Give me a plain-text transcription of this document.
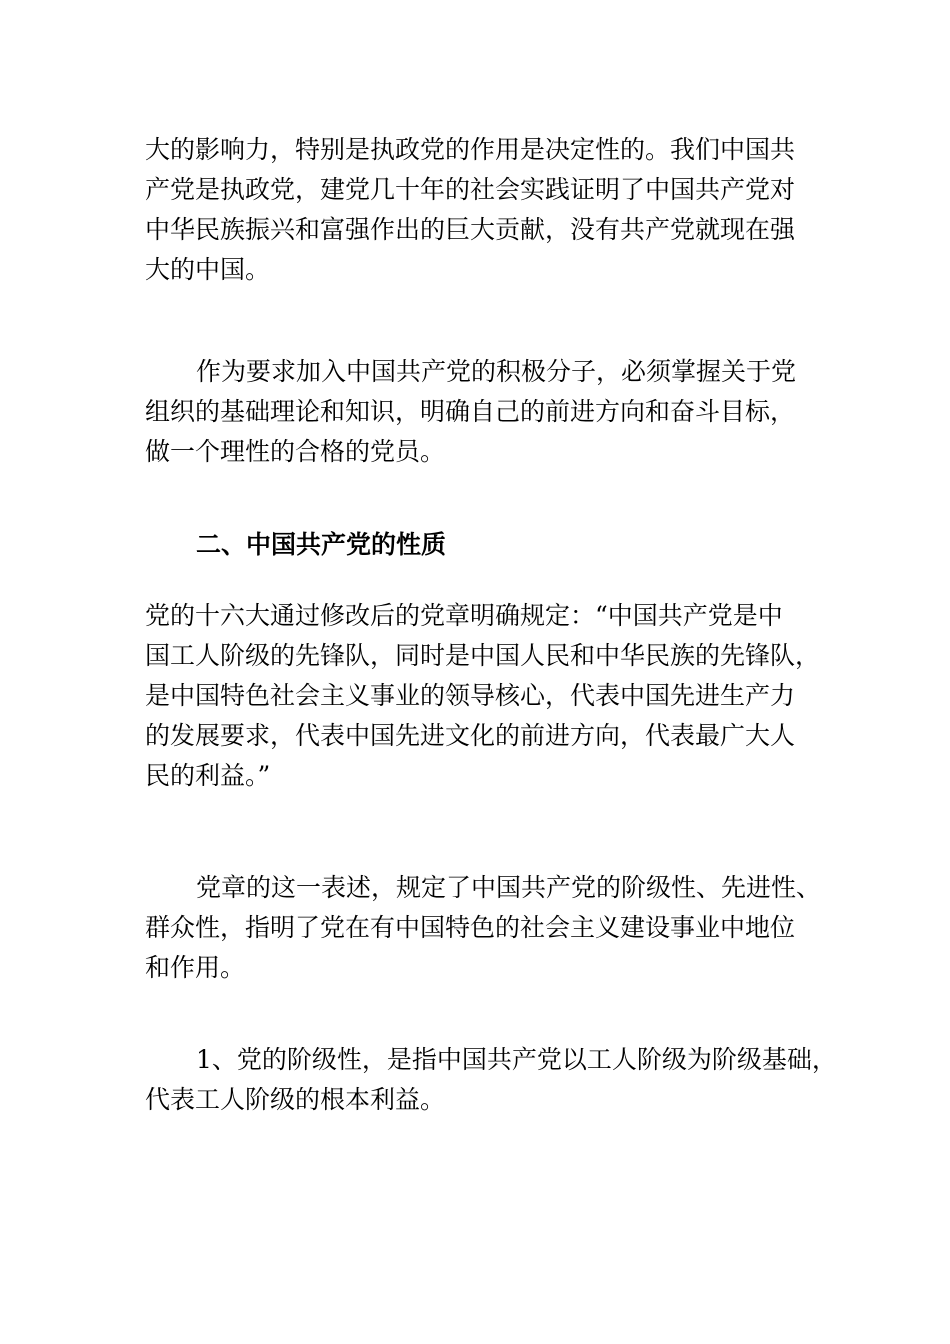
大的影响力，特别是执政党的作用是决定性的。我们中国共
产党是执政党，建党几十年的社会实践证明了中国共产党对
中华民族振兴和富强作出的巨大贡献，没有共产党就现在强
大的中国。
作为要求加入中国共产党的积极分子，必须掌握关于党
组织的基础理论和知识，明确自己的前进方向和奋斗目标，
做一个理性的合格的党员。
二、中国共产党的性质
党的十六大通过修改后的党章明确规定：“中国共产党是中
国工人阶级的先锋队，同时是中国人民和中华民族的先锋队，
是中国特色社会主义事业的领导核心，代表中国先进生产力
的发展要求，代表中国先进文化的前进方向，代表最广大人
民的利益。”
党章的这一表述，规定了中国共产党的阶级性、先进性、
群众性，指明了党在有中国特色的社会主义建设事业中地位
和作用。
1、党的阶级性，是指中国共产党以工人阶级为阶级基础，
代表工人阶级的根本利益。
